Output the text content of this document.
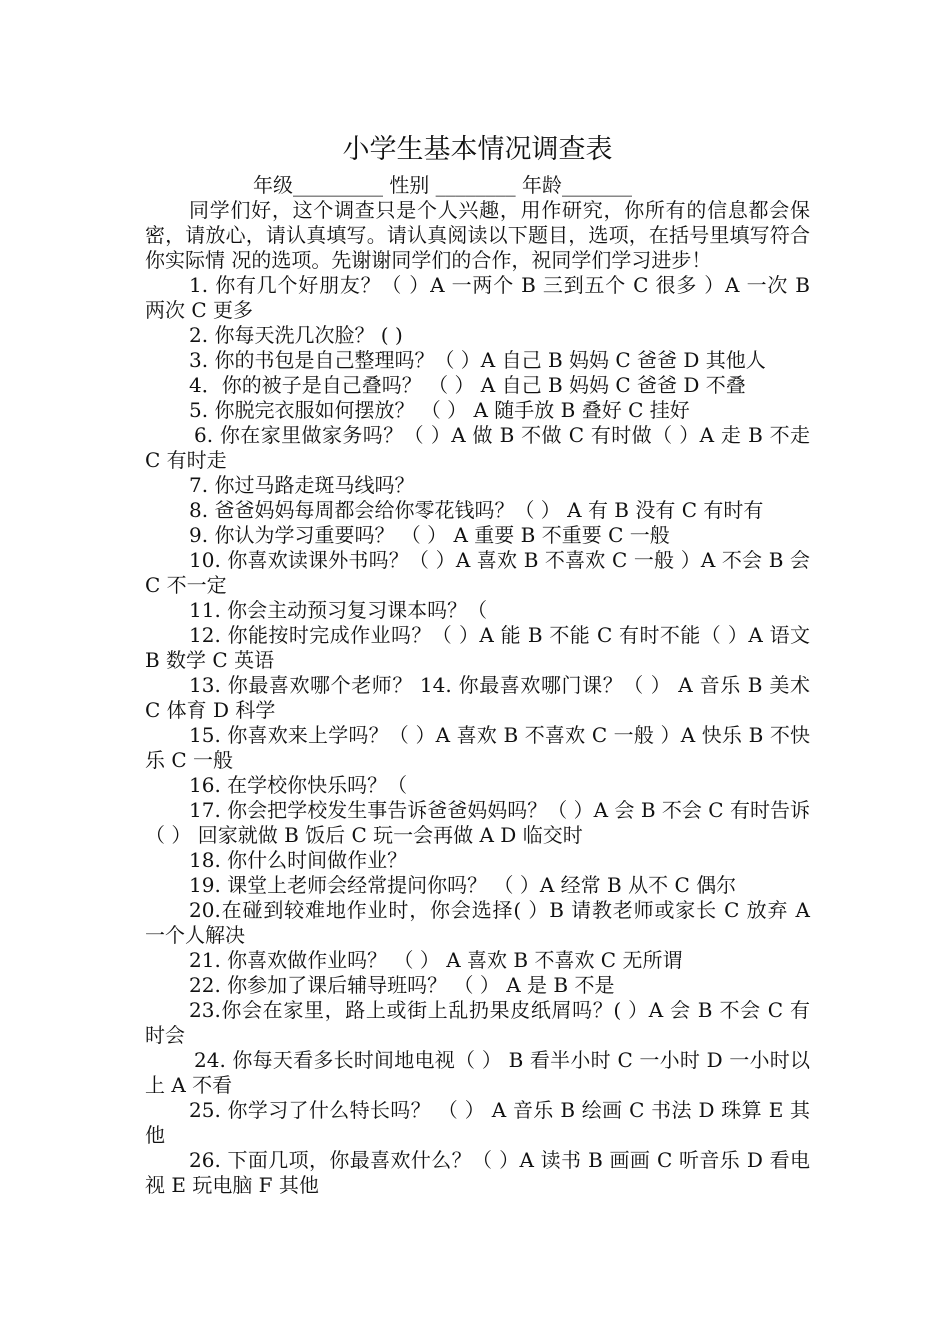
小学生基本情况调查表

年级_________ 性别 ________ 年龄_______

同学们好，这个调查只是个人兴趣，用作研究，你所有的信息都会保密，请放心，请认真填写。请认真阅读以下题目，选项，在括号里填写符合你实际情 况的选项。先谢谢同学们的合作，祝同学们学习进步！

1. 你有几个好朋友？（ ）A 一两个 B 三到五个 C 很多 ）A 一次 B 两次 C 更多

2. 你每天洗几次脸？ ( )

3. 你的书包是自己整理吗？（ ）A 自己 B 妈妈 C 爸爸 D 其他人

4．你的被子是自己叠吗？ （ ） A 自己 B 妈妈 C 爸爸 D 不叠

5. 你脱完衣服如何摆放？ （ ） A 随手放 B 叠好 C 挂好

6. 你在家里做家务吗？（ ）A 做 B 不做 C 有时做（ ）A 走 B 不走 C 有时走

7. 你过马路走斑马线吗？

8. 爸爸妈妈每周都会给你零花钱吗？（ ） A 有 B 没有 C 有时有

9. 你认为学习重要吗？ （ ） A 重要 B 不重要 C 一般

10. 你喜欢读课外书吗？（ ）A 喜欢 B 不喜欢 C 一般 ）A 不会 B 会 C 不一定

11. 你会主动预习复习课本吗？（

12. 你能按时完成作业吗？（ ）A 能 B 不能 C 有时不能（ ）A 语文 B 数学 C 英语

13. 你最喜欢哪个老师？ 14. 你最喜欢哪门课？（ ） A 音乐 B 美术 C 体育 D 科学

15. 你喜欢来上学吗？（ ）A 喜欢 B 不喜欢 C 一般 ）A 快乐 B 不快乐 C 一般

16. 在学校你快乐吗？（

17. 你会把学校发生事告诉爸爸妈妈吗？（ ）A 会 B 不会 C 有时告诉 （ ） 回家就做 B 饭后 C 玩一会再做 A D 临交时

18. 你什么时间做作业？

19. 课堂上老师会经常提问你吗？ （ ）A 经常 B 从不 C 偶尔

20.在碰到较难地作业时，你会选择( ）B 请教老师或家长 C 放弃 A 一个人解决

21. 你喜欢做作业吗？ （ ） A 喜欢 B 不喜欢 C 无所谓

22. 你参加了课后辅导班吗？ （ ） A 是 B 不是

23.你会在家里，路上或街上乱扔果皮纸屑吗？( ）A 会 B 不会 C 有时会

24. 你每天看多长时间地电视（ ） B 看半小时 C 一小时 D 一小时以上 A 不看

25. 你学习了什么特长吗？ （ ） A 音乐 B 绘画 C 书法 D 珠算 E 其他

26. 下面几项，你最喜欢什么？（ ）A 读书 B 画画 C 听音乐 D 看电视 E 玩电脑 F 其他
